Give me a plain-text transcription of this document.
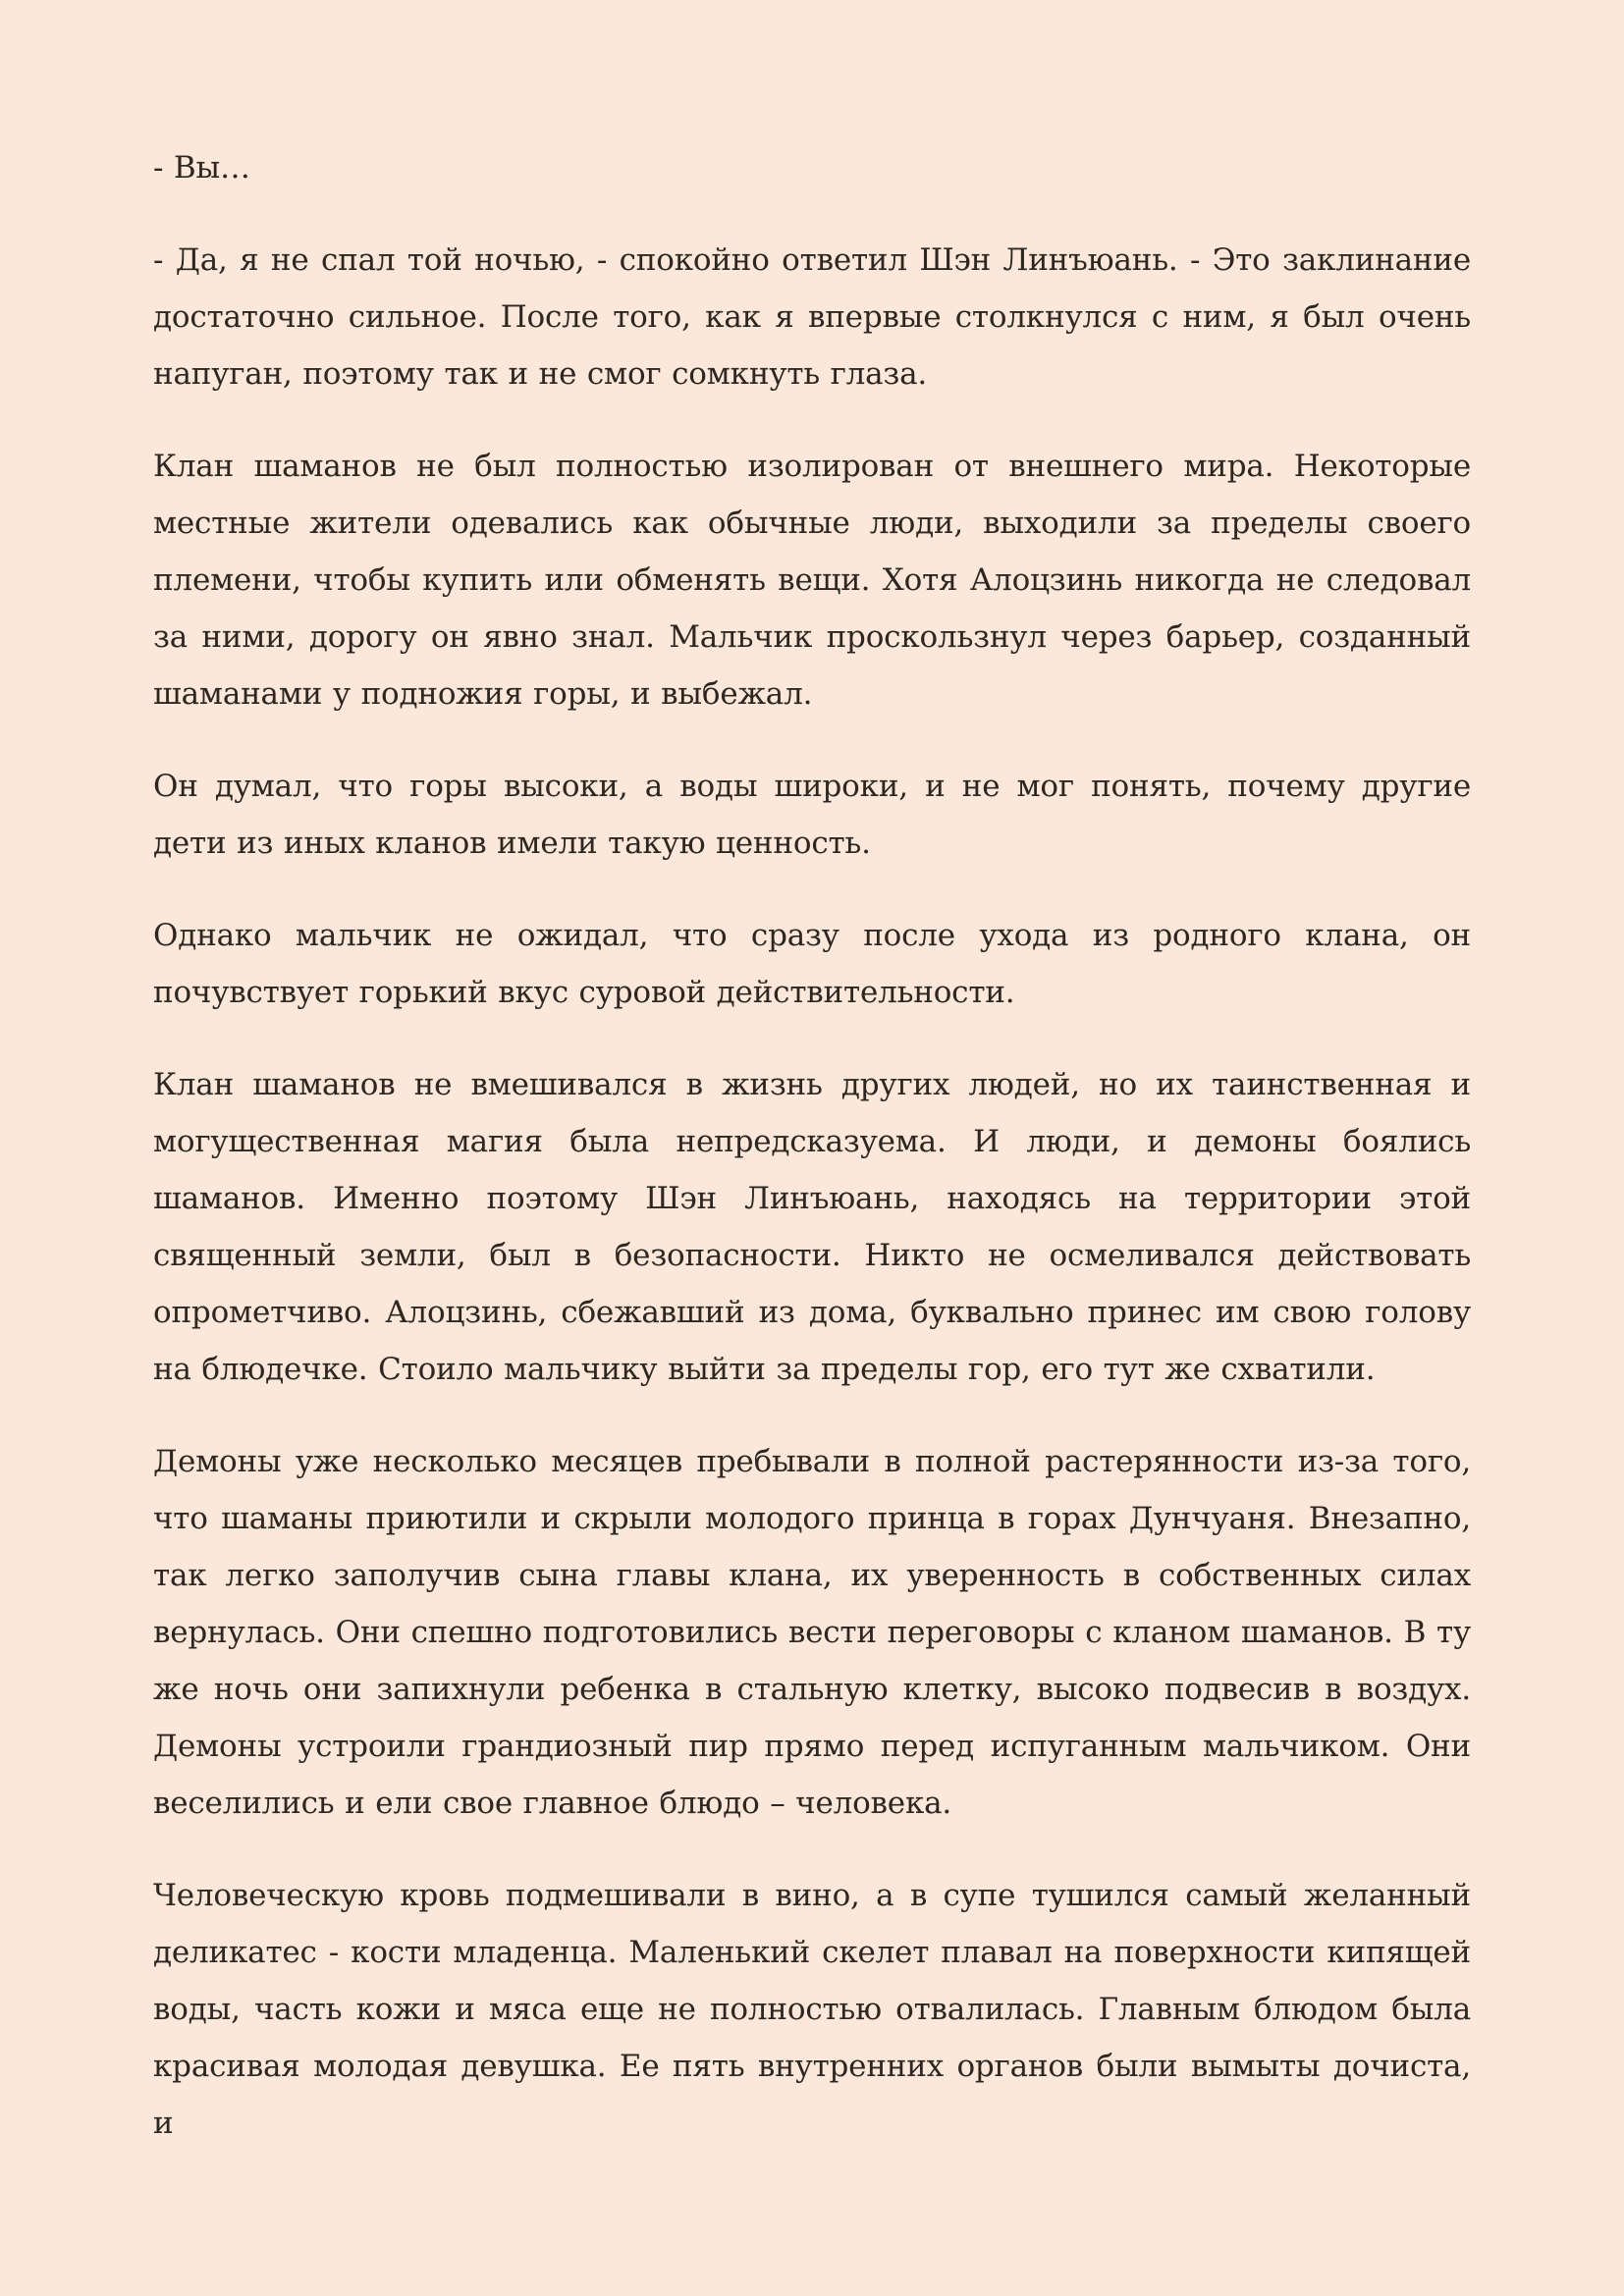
- Вы…

- Да, я не спал той ночью, - спокойно ответил Шэн Линъюань. - Это заклинание достаточно сильное. После того, как я впервые столкнулся с ним, я был очень напуган, поэтому так и не смог сомкнуть глаза.

Клан шаманов не был полностью изолирован от внешнего мира. Некоторые местные жители одевались как обычные люди, выходили за пределы своего племени, чтобы купить или обменять вещи. Хотя Алоцзинь никогда не следовал за ними, дорогу он явно знал. Мальчик проскользнул через барьер, созданный шаманами у подножия горы, и выбежал.

Он думал, что горы высоки, а воды широки, и не мог понять, почему другие дети из иных кланов имели такую ценность.

Однако мальчик не ожидал, что сразу после ухода из родного клана, он почувствует горький вкус суровой действительности.

Клан шаманов не вмешивался в жизнь других людей, но их таинственная и могущественная магия была непредсказуема. И люди, и демоны боялись шаманов. Именно поэтому Шэн Линъюань, находясь на территории этой священный земли, был в безопасности. Никто не осмеливался действовать опрометчиво. Алоцзинь, сбежавший из дома, буквально принес им свою голову на блюдечке. Стоило мальчику выйти за пределы гор, его тут же схватили.

Демоны уже несколько месяцев пребывали в полной растерянности из-за того, что шаманы приютили и скрыли молодого принца в горах Дунчуаня. Внезапно, так легко заполучив сына главы клана, их уверенность в собственных силах вернулась. Они спешно подготовились вести переговоры с кланом шаманов. В ту же ночь они запихнули ребенка в стальную клетку, высоко подвесив в воздух. Демоны устроили грандиозный пир прямо перед испуганным мальчиком. Они веселились и ели свое главное блюдо – человека.

Человеческую кровь подмешивали в вино, а в супе тушился самый желанный деликатес - кости младенца. Маленький скелет плавал на поверхности кипящей воды, часть кожи и мяса еще не полностью отвалилась. Главным блюдом была красивая молодая девушка. Ее пять внутренних органов были вымыты дочиста, и
